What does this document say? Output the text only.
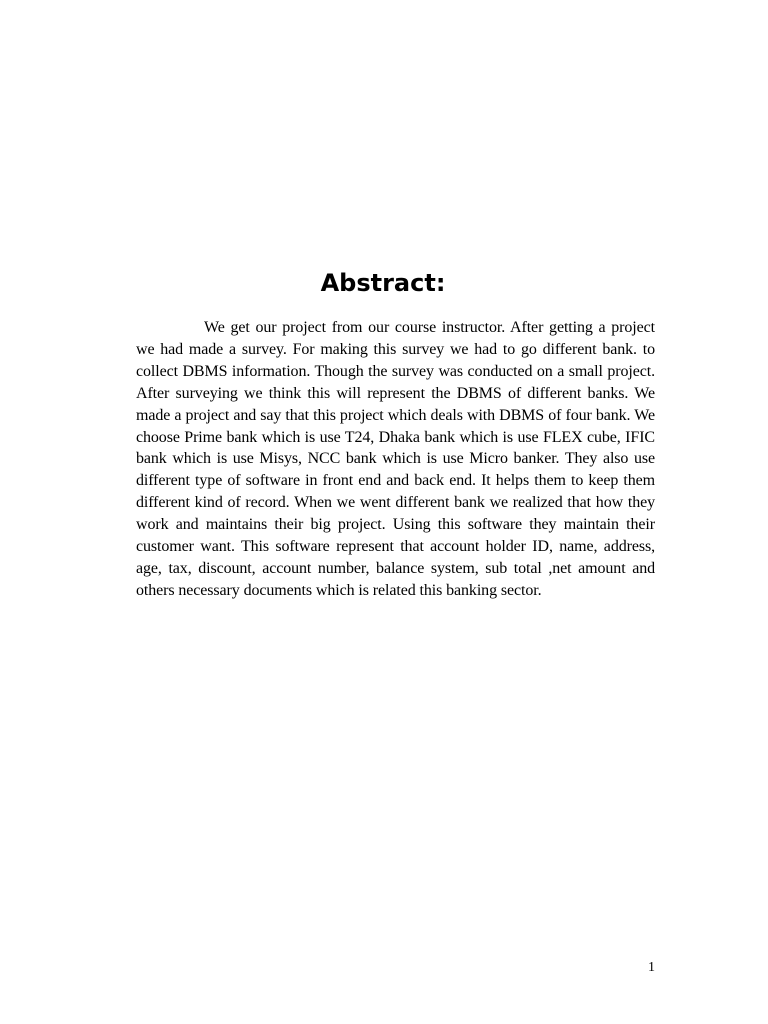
Abstract:

We get our project from our course instructor. After getting a project we had made a survey. For making this survey we had to go different bank. to collect DBMS information. Though the survey was conducted on a small project. After surveying we think this will represent the DBMS of different banks. We made a project and say that this project which deals with DBMS of four bank. We choose Prime bank which is use T24, Dhaka bank which is use FLEX cube, IFIC bank which is use Misys, NCC bank which is use Micro banker. They also use different type of software in front end and back end. It helps them to keep them different kind of record. When we went different bank we realized that how they work and maintains their big project. Using this software they maintain their customer want. This software represent that account holder ID, name, address, age, tax, discount, account number, balance system, sub total ,net amount and others necessary documents which is related this banking sector.

1
